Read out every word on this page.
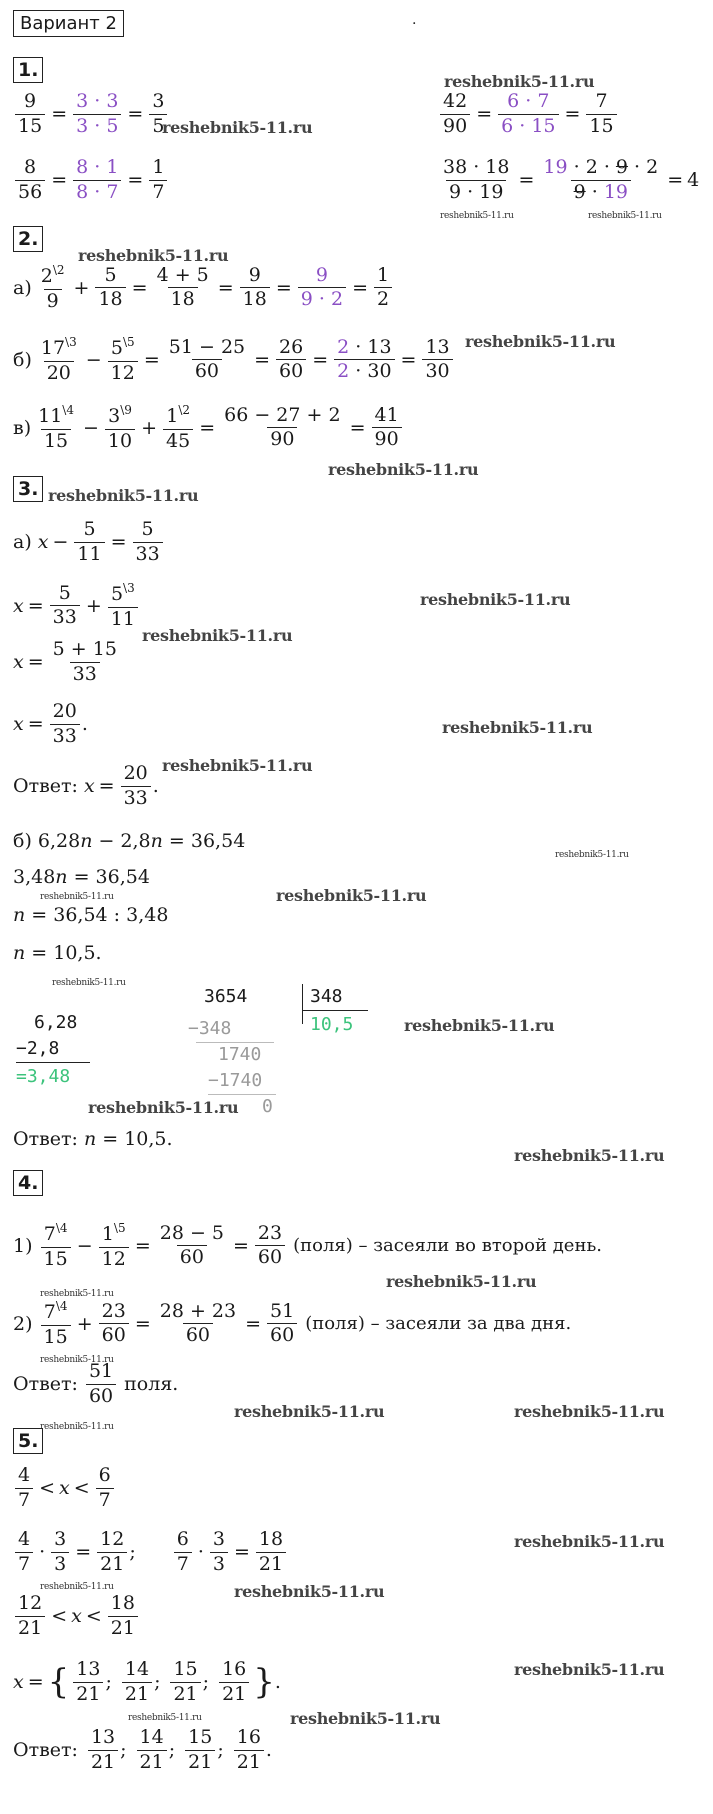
Вариант 2	.
reshebnik5-11.ru
reshebnik5-11.ru
reshebnik5-11.ru	reshebnik5-11.ru
reshebnik5-11.ru
reshebnik5-11.ru
reshebnik5-11.ru
reshebnik5-11.ru
reshebnik5-11.ru
reshebnik5-11.ru
reshebnik5-11.ru
reshebnik5-11.ru
reshebnik5-11.ru
reshebnik5-11.ru
reshebnik5-11.ru
reshebnik5-11.ru
reshebnik5-11.ru
reshebnik5-11.ru
reshebnik5-11.ru
reshebnik5-11.ru
reshebnik5-11.ru
reshebnik5-11.ru
reshebnik5-11.ru	reshebnik5-11.ru
reshebnik5-11.ru
reshebnik5-11.ru
reshebnik5-11.ru	reshebnik5-11.ru
reshebnik5-11.ru
reshebnik5-11.ru	reshebnik5-11.ru
1.
$\frac{9}{15} = \frac{3 \cdot 3}{3 \cdot 5} = \frac{3}{5}$
$\frac{8}{56} = \frac{8 \cdot 1}{8 \cdot 7} = \frac{1}{7}$
$\frac{42}{90} = \frac{6 \cdot 7}{6 \cdot 15} = \frac{7}{15}$
$\frac{38 \cdot 18}{9 \cdot 19} = \frac{19 \cdot 2 \cdot 9 \cdot 2}{9 \cdot 19} = 4$
2.
$а) \frac{2^{\backslash 2}}{9} + \frac{5}{18} = \frac{4 + 5}{18} = \frac{9}{18} = \frac{9}{9 \cdot 2} = \frac{1}{2}$
$б) \frac{17^{\backslash 3}}{20} - \frac{5^{\backslash 5}}{12} = \frac{51 - 25}{60} = \frac{26}{60} = \frac{2 \cdot 13}{2 \cdot 30} = \frac{13}{30}$
$в) \frac{11^{\backslash 4}}{15} - \frac{3^{\backslash 9}}{10} + \frac{1^{\backslash 2}}{45} = \frac{66 - 27 + 2}{90} = \frac{41}{90}$
3.
а) $x - \frac{5}{11} = \frac{5}{33}$
$x = \frac{5}{33} + \frac{5^{\backslash 3}}{11}$
$x = \frac{5 + 15}{33}$
$x = \frac{20}{33}$ .
Ответ: $x = \frac{20}{33}$ .
б) 6,28𝑛 − 2,8𝑛 = 36,54
3,48𝑛 = 36,54
𝑛 = 36,54 : 3,48
𝑛 = 10,5.
6,28
−2,8
=3,48
3654	348
10,5
−348
1740
−1740
0
Ответ: 𝑛 = 10,5.
4.
$1) \frac{7^{\backslash 4}}{15} - \frac{1^{\backslash 5}}{12} = \frac{28 - 5}{60} = \frac{23}{60}$ (поля) – засеяли во второй день.
$2) \frac{7^{\backslash 4}}{15} + \frac{23}{60} = \frac{28 + 23}{60} = \frac{51}{60}$ (поля) – засеяли за два дня.
Ответ: $\frac{51}{60}$ поля.
5.
$\frac{4}{7} < x < \frac{6}{7}$
$\frac{4}{7} \cdot \frac{3}{3} = \frac{12}{21}$ ; $\frac{6}{7} \cdot \frac{3}{3} = \frac{18}{21}$
$\frac{12}{21} < x < \frac{18}{21}$
x = { $\frac{13}{21}$ ; $\frac{14}{21}$ ; $\frac{15}{21}$ ; $\frac{16}{21}$ } .
Ответ: $\frac{13}{21}$ ; $\frac{14}{21}$ ; $\frac{15}{21}$ ; $\frac{16}{21}$ .
